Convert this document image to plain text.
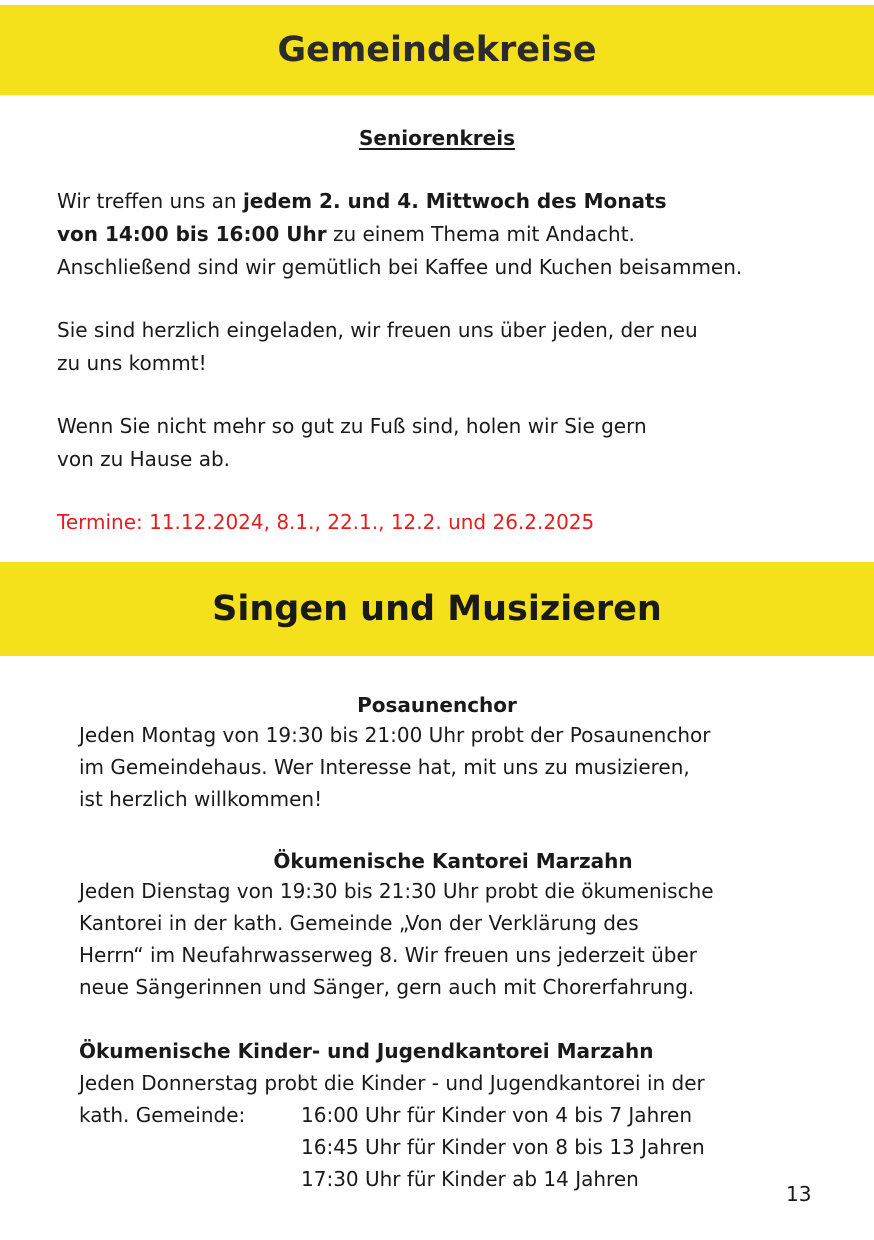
Gemeindekreise

Seniorenkreis

Wir treffen uns an jedem 2. und 4. Mittwoch des Monats

von 14:00 bis 16:00 Uhr zu einem Thema mit Andacht.

Anschließend sind wir gemütlich bei Kaffee und Kuchen beisammen.

Sie sind herzlich eingeladen, wir freuen uns über jeden, der neu

zu uns kommt!

Wenn Sie nicht mehr so gut zu Fuß sind, holen wir Sie gern

von zu Hause ab.

Termine: 11.12.2024, 8.1., 22.1., 12.2. und 26.2.2025

Singen und Musizieren

Posaunenchor

Jeden Montag von 19:30 bis 21:00 Uhr probt der Posaunenchor

im Gemeindehaus. Wer Interesse hat, mit uns zu musizieren,

ist herzlich willkommen!

Ökumenische Kantorei Marzahn

Jeden Dienstag von 19:30 bis 21:30 Uhr probt die ökumenische

Kantorei in der kath. Gemeinde „Von der Verklärung des

Herrn“ im Neufahrwasserweg 8. Wir freuen uns jederzeit über

neue Sängerinnen und Sänger, gern auch mit Chorerfahrung.

Ökumenische Kinder- und Jugendkantorei Marzahn

Jeden Donnerstag probt die Kinder - und Jugendkantorei in der

kath. Gemeinde:	16:00 Uhr für Kinder von 4 bis 7 Jahren

16:45 Uhr für Kinder von 8 bis 13 Jahren

17:30 Uhr für Kinder ab 14 Jahren

13
